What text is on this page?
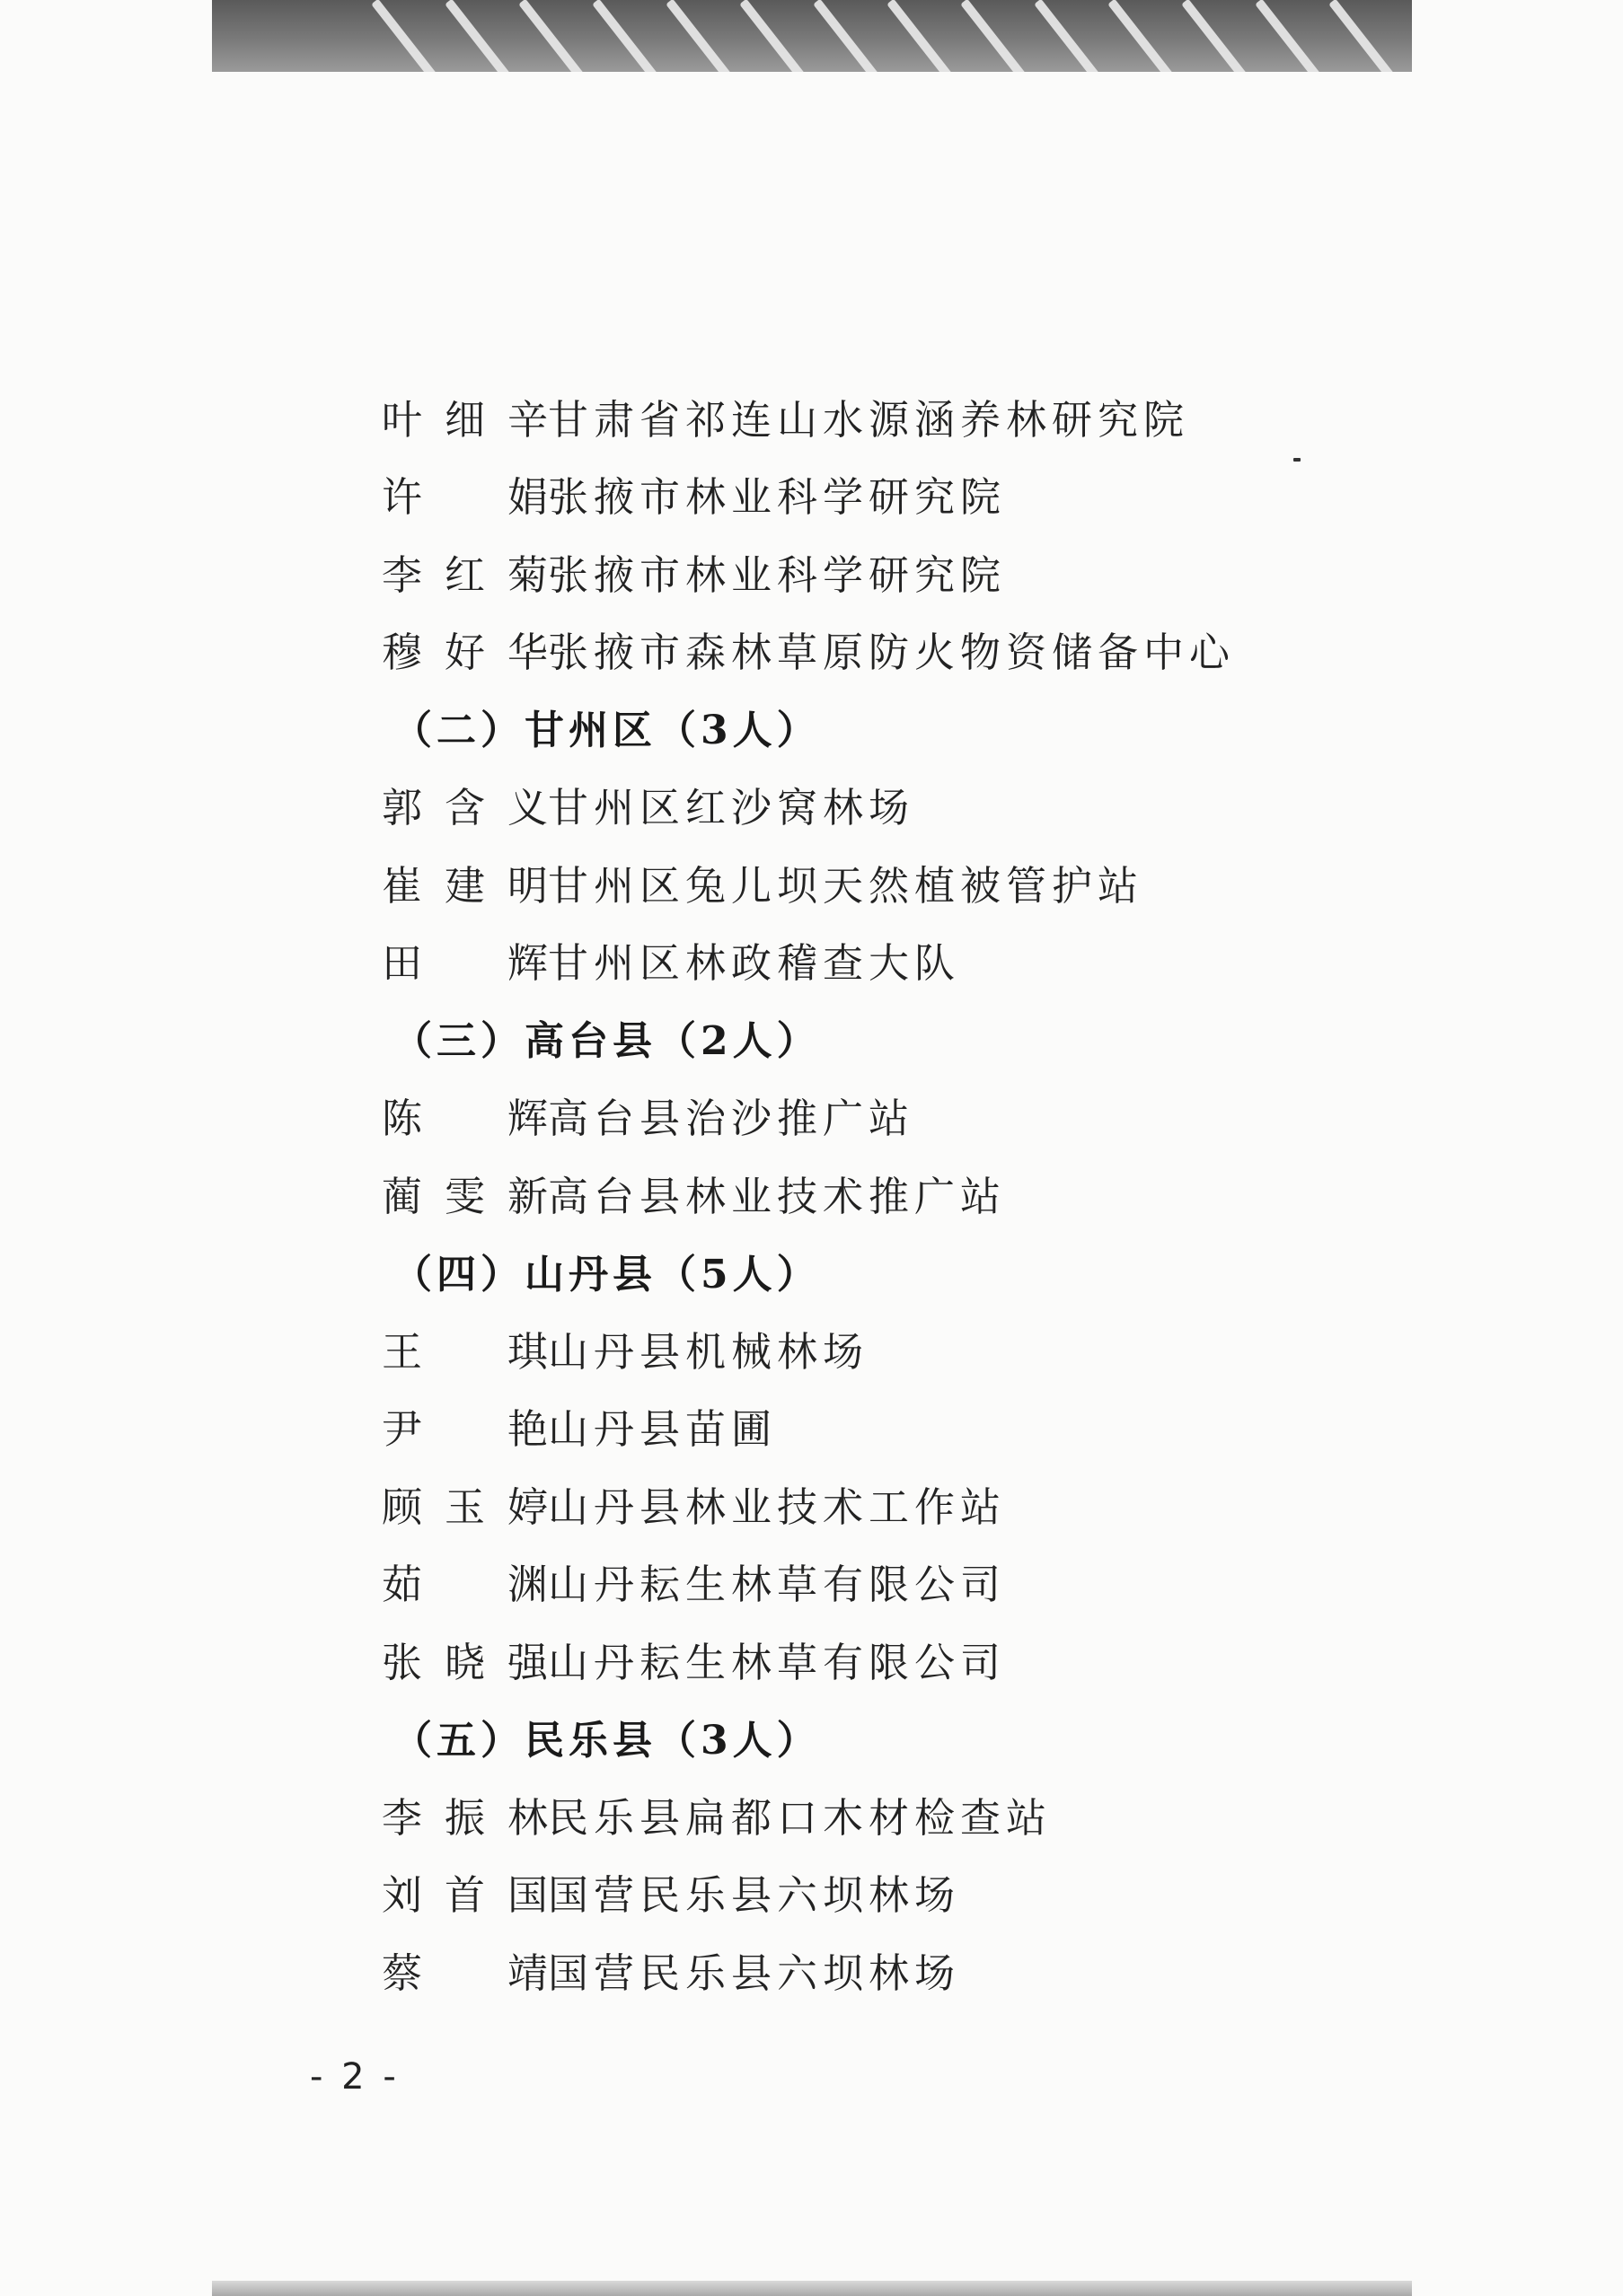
叶细辛 甘肃省祁连山水源涵养林研究院
许　娟 张掖市林业科学研究院
李红菊 张掖市林业科学研究院
穆好华 张掖市森林草原防火物资储备中心
（二）甘州区（3人）
郭含义 甘州区红沙窝林场
崔建明 甘州区兔儿坝天然植被管护站
田　辉 甘州区林政稽查大队
（三）高台县（2人）
陈　辉 高台县治沙推广站
蔺雯新 高台县林业技术推广站
（四）山丹县（5人）
王　琪 山丹县机械林场
尹　艳 山丹县苗圃
顾玉婷 山丹县林业技术工作站
茹　渊 山丹耘生林草有限公司
张晓强 山丹耘生林草有限公司
（五）民乐县（3人）
李振林 民乐县扁都口木材检查站
刘首国 国营民乐县六坝林场
蔡　靖 国营民乐县六坝林场
- 2 -
